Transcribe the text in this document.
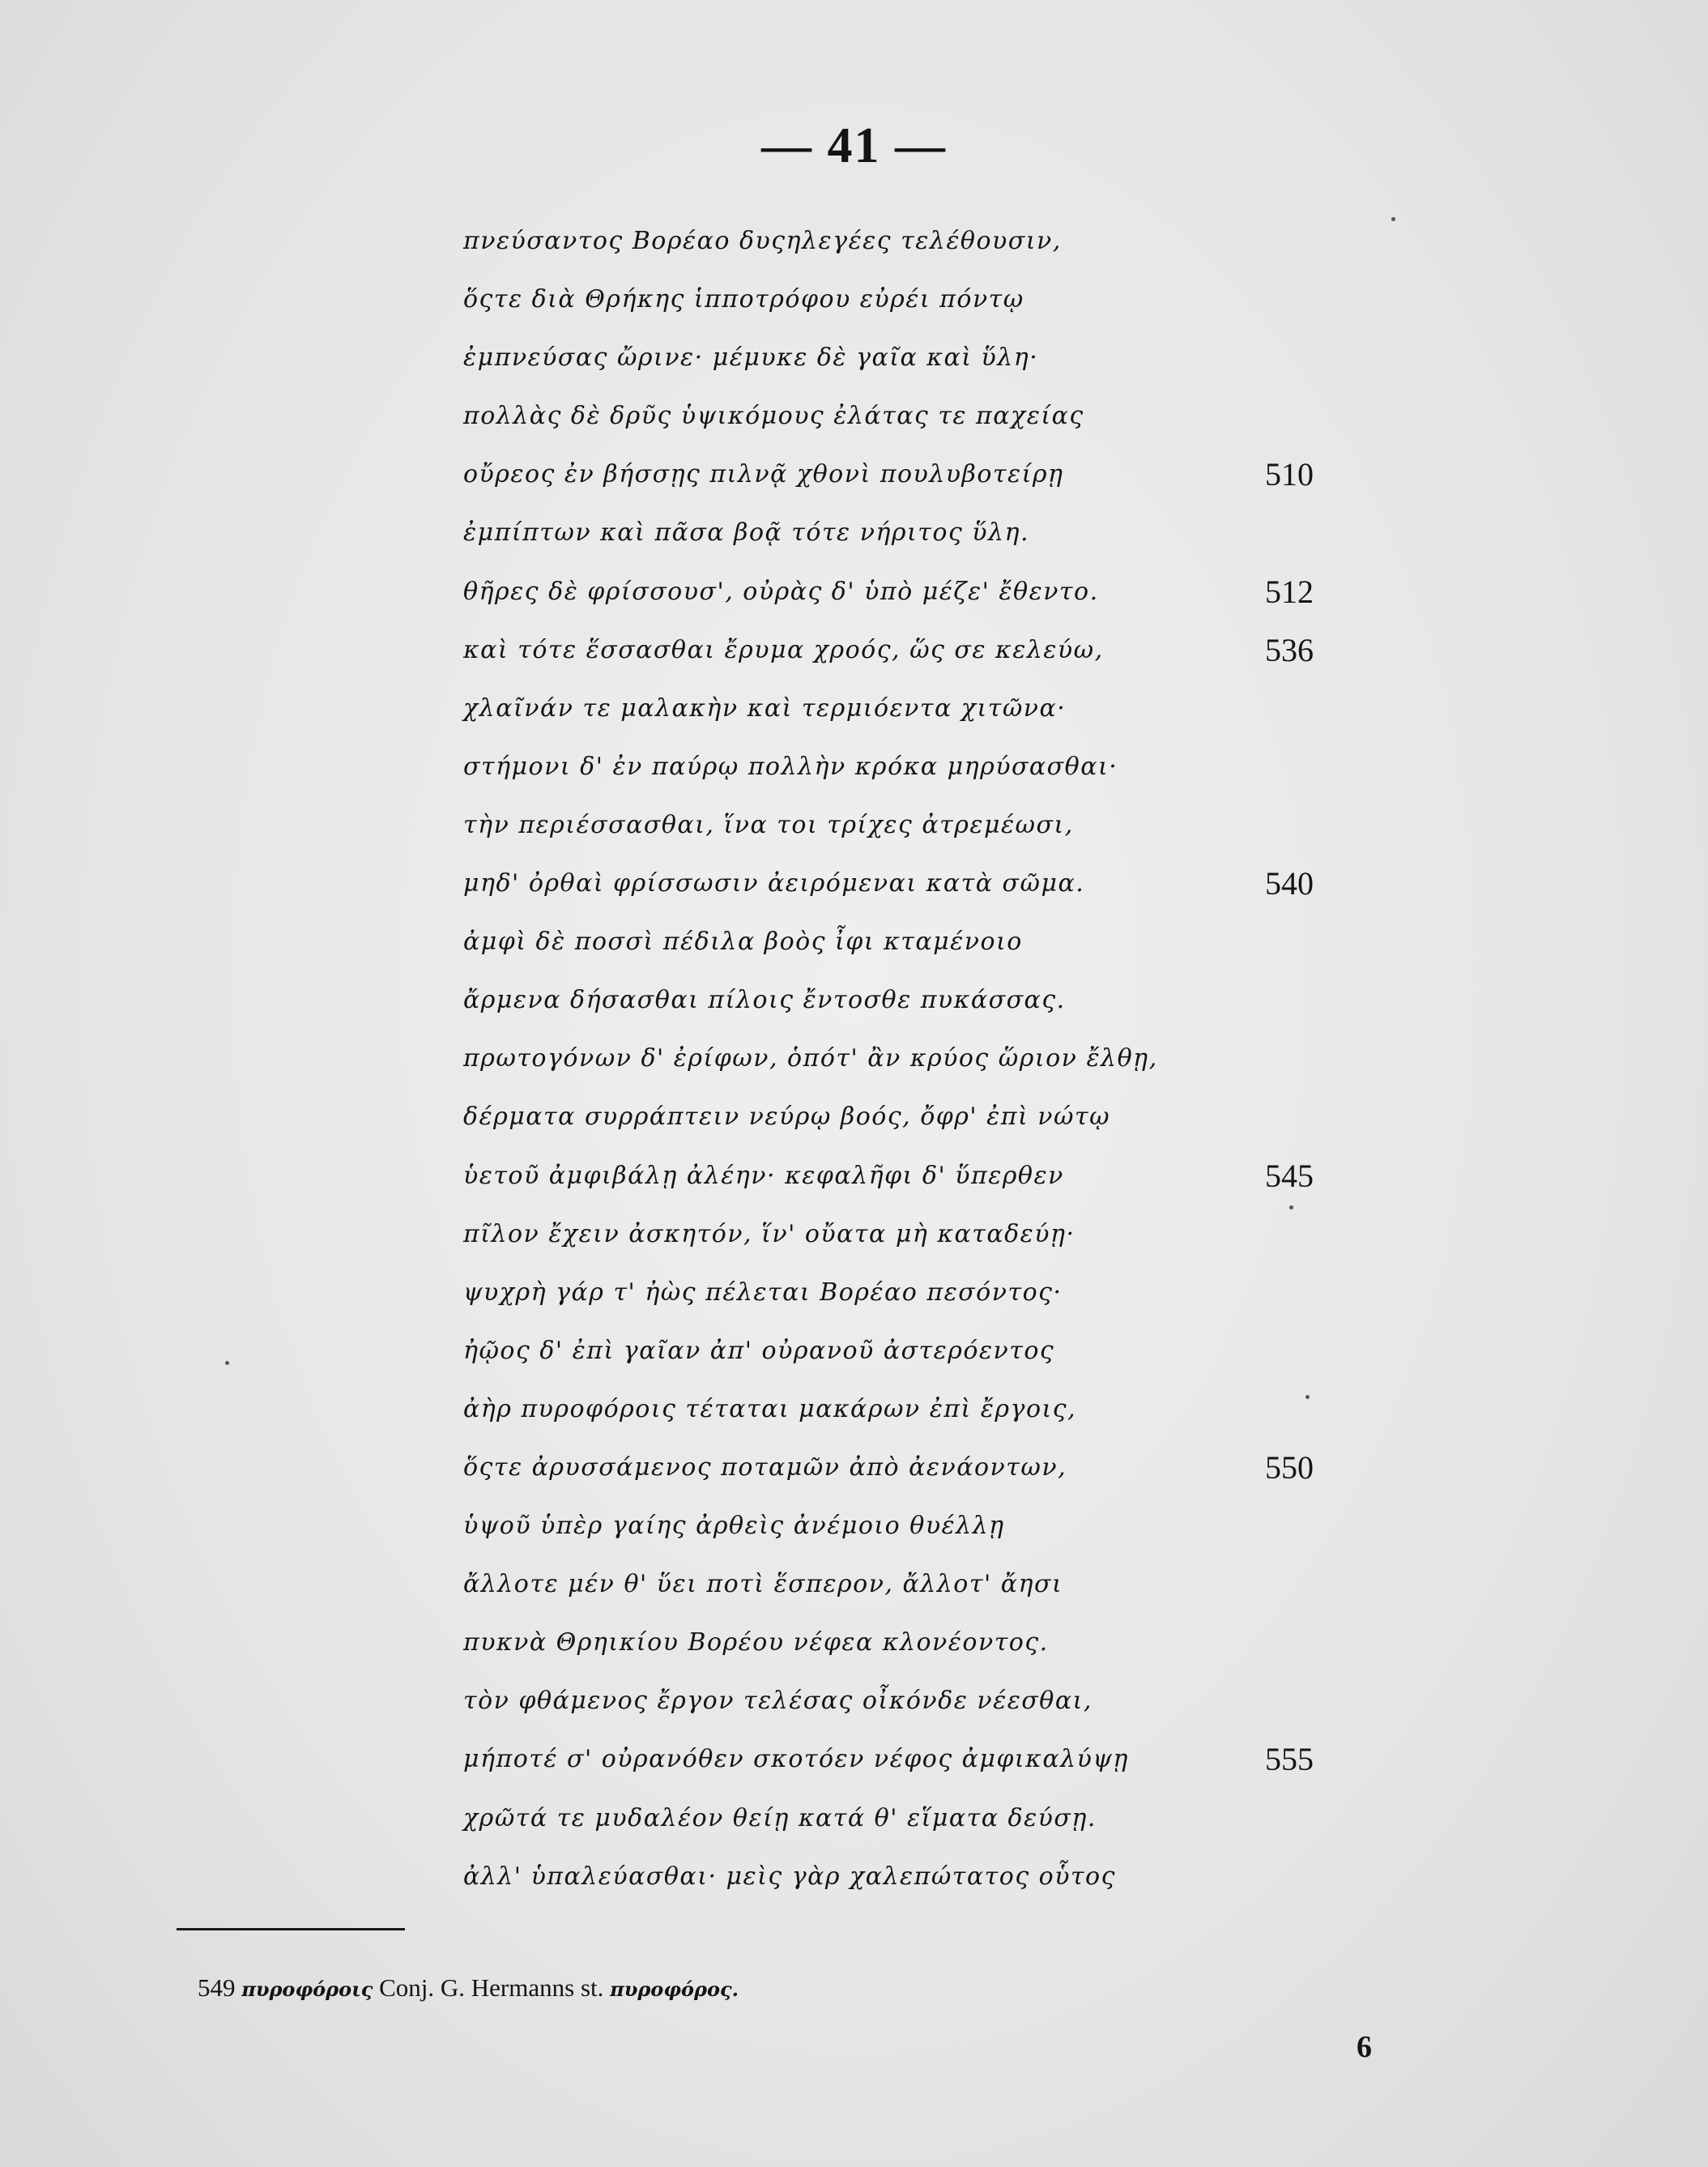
— 41 —
πνεύσαντος Βορέαο δυςηλεγέες τελέθουσιν,
ὅςτε διὰ Θρήκης ἱπποτρόφου εὐρέι πόντῳ
ἐμπνεύσας ὤρινε· μέμυκε δὲ γαῖα καὶ ὕλη·
πολλὰς δὲ δρῦς ὑψικόμους ἐλάτας τε παχείας
οὔρεος ἐν βήσσῃς πιλνᾷ χθονὶ πουλυβοτείρῃ	510
ἐμπίπτων καὶ πᾶσα βοᾷ τότε νήριτος ὕλη.
θῆρες δὲ φρίσσουσ', οὐρὰς δ' ὑπὸ μέζε' ἔθεντο.	512
καὶ τότε ἕσσασθαι ἔρυμα χροός, ὥς σε κελεύω,	536
χλαῖνάν τε μαλακὴν καὶ τερμιόεντα χιτῶνα·
στήμονι δ' ἐν παύρῳ πολλὴν κρόκα μηρύσασθαι·
τὴν περιέσσασθαι, ἵνα τοι τρίχες ἀτρεμέωσι,
μηδ' ὀρθαὶ φρίσσωσιν ἀειρόμεναι κατὰ σῶμα.	540
ἀμφὶ δὲ ποσσὶ πέδιλα βοὸς ἶφι κταμένοιο
ἄρμενα δήσασθαι πίλοις ἔντοσθε πυκάσσας.
πρωτογόνων δ' ἐρίφων, ὁπότ' ἂν κρύος ὥριον ἔλθῃ,
δέρματα συρράπτειν νεύρῳ βοός, ὄφρ' ἐπὶ νώτῳ
ὑετοῦ ἀμφιβάλῃ ἀλέην· κεφαλῆφι δ' ὕπερθεν	545
πῖλον ἔχειν ἀσκητόν, ἵν' οὔατα μὴ καταδεύῃ·
ψυχρὴ γάρ τ' ἠὼς πέλεται Βορέαο πεσόντος·
ἠῷος δ' ἐπὶ γαῖαν ἀπ' οὐρανοῦ ἀστερόεντος
ἀὴρ πυροφόροις τέταται μακάρων ἐπὶ ἔργοις,
ὅςτε ἀρυσσάμενος ποταμῶν ἀπὸ ἀενάοντων,	550
ὑψοῦ ὑπὲρ γαίης ἀρθεὶς ἀνέμοιο θυέλλῃ
ἄλλοτε μέν θ' ὕει ποτὶ ἕσπερον, ἄλλοτ' ἄησι
πυκνὰ Θρηικίου Βορέου νέφεα κλονέοντος.
τὸν φθάμενος ἔργον τελέσας οἶκόνδε νέεσθαι,
μήποτέ σ' οὐρανόθεν σκοτόεν νέφος ἀμφικαλύψῃ	555
χρῶτά τε μυδαλέον θείῃ κατά θ' εἵματα δεύσῃ.
ἀλλ' ὑπαλεύασθαι· μεὶς γὰρ χαλεπώτατος οὗτος
549 πυροφόροις Conj. G. Hermanns st. πυροφόρος.
6
